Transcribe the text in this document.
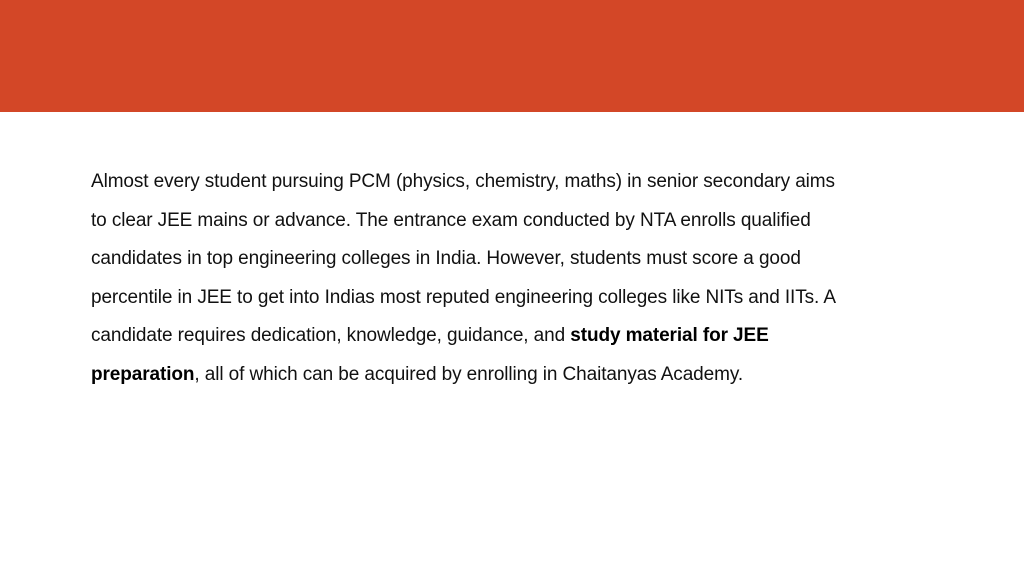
Almost every student pursuing PCM (physics, chemistry, maths) in senior secondary aims to clear JEE mains or advance. The entrance exam conducted by NTA enrolls qualified candidates in top engineering colleges in India. However, students must score a good percentile in JEE to get into Indias most reputed engineering colleges like NITs and IITs. A candidate requires dedication, knowledge, guidance, and study material for JEE preparation, all of which can be acquired by enrolling in Chaitanyas Academy.
